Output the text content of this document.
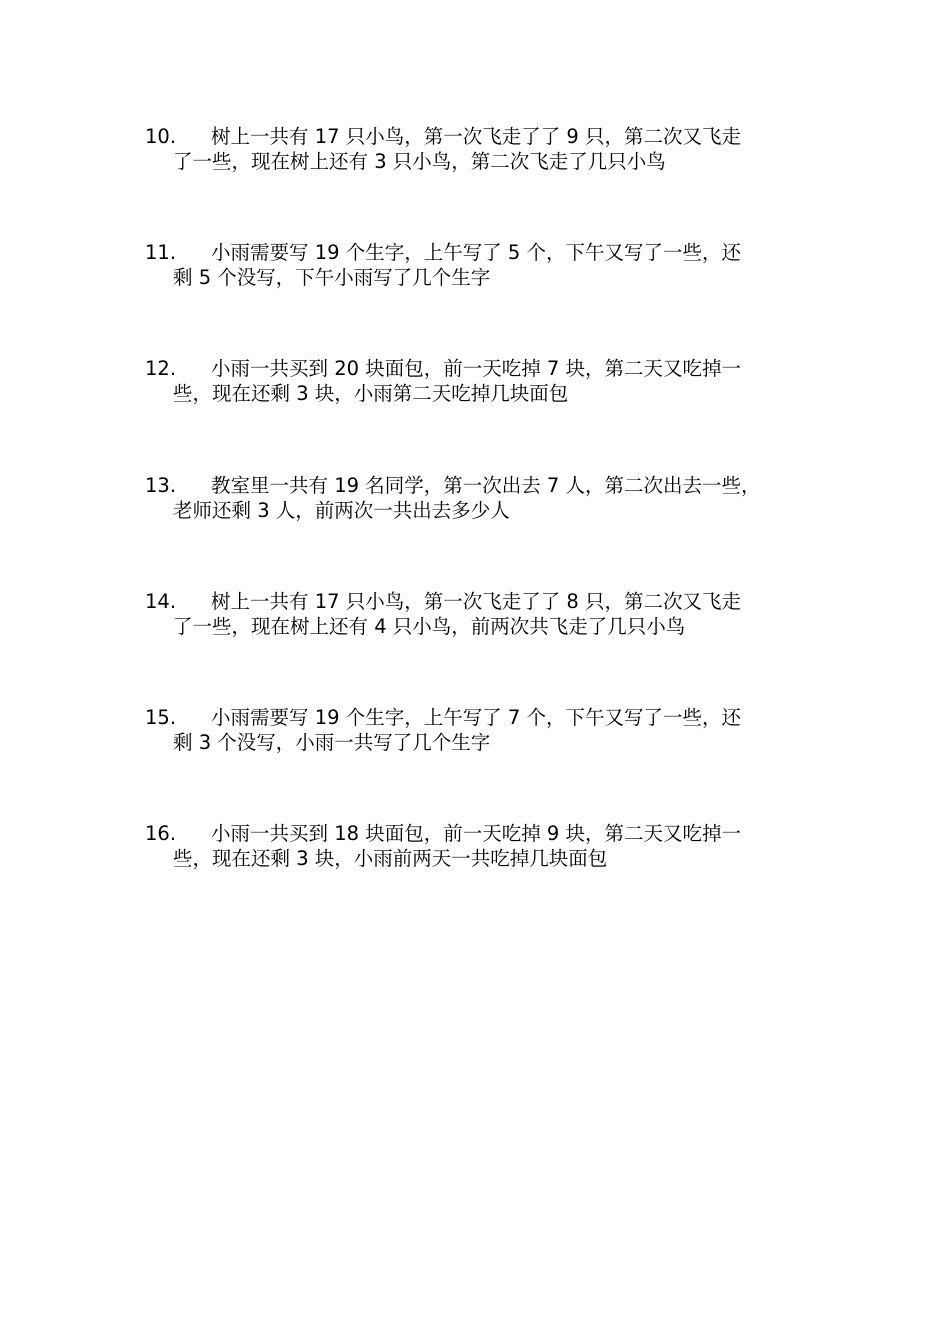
10. 树上一共有 17 只小鸟，第一次飞走了了 9 只，第二次又飞走
了一些，现在树上还有 3 只小鸟，第二次飞走了几只小鸟
11. 小雨需要写 19 个生字，上午写了 5 个，下午又写了一些，还
剩 5 个没写，下午小雨写了几个生字
12. 小雨一共买到 20 块面包，前一天吃掉 7 块，第二天又吃掉一
些，现在还剩 3 块，小雨第二天吃掉几块面包
13. 教室里一共有 19 名同学，第一次出去 7 人，第二次出去一些，
老师还剩 3 人，前两次一共出去多少人
14. 树上一共有 17 只小鸟，第一次飞走了了 8 只，第二次又飞走
了一些，现在树上还有 4 只小鸟，前两次共飞走了几只小鸟
15. 小雨需要写 19 个生字，上午写了 7 个，下午又写了一些，还
剩 3 个没写，小雨一共写了几个生字
16. 小雨一共买到 18 块面包，前一天吃掉 9 块，第二天又吃掉一
些，现在还剩 3 块，小雨前两天一共吃掉几块面包
